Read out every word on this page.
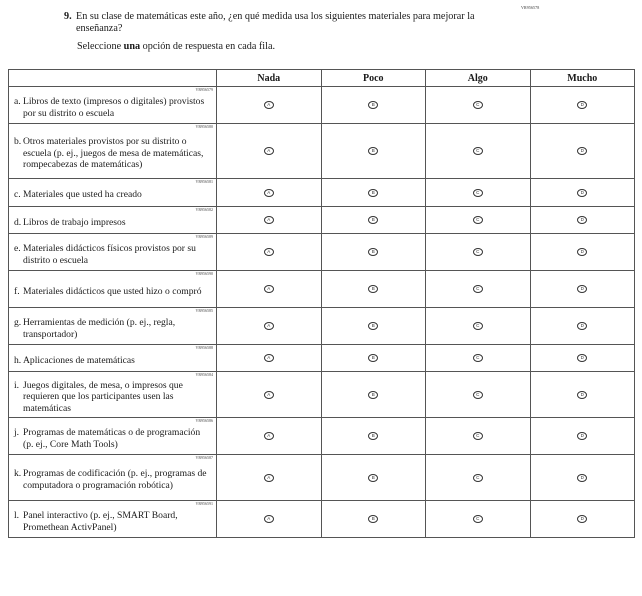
VR956578
9. En su clase de matemáticas este año, ¿en qué medida usa los siguientes materiales para mejorar la enseñanza?
Seleccione una opción de respuesta en cada fila.
	Nada	Poco	Algo	Mucho

VR956579
a. Libros de texto (impresos o digitales) provistos por su distrito o escuela	A	B	C	D

VR956580
b. Otros materiales provistos por su distrito o escuela (p. ej., juegos de mesa de matemáticas, rompecabezas de matemáticas)	A	B	C	D

VR956581
c. Materiales que usted ha creado	A	B	C	D

VR956582
d. Libros de trabajo impresos	A	B	C	D

VR956589
e. Materiales didácticos físicos provistos por su distrito o escuela	A	B	C	D

VR956590
f. Materiales didácticos que usted hizo o compró	A	B	C	D

VR956585
g. Herramientas de medición (p. ej., regla, transportador)	A	B	C	D

VR956588
h. Aplicaciones de matemáticas	A	B	C	D

VR956584
i. Juegos digitales, de mesa, o impresos que requieren que los participantes usen las matemáticas	A	B	C	D

VR956586
j. Programas de matemáticas o de programación (p. ej., Core Math Tools)	A	B	C	D

VR956587
k. Programas de codificación (p. ej., programas de computadora o programación robótica)	A	B	C	D

VR956591
l. Panel interactivo (p. ej., SMART Board, Promethean ActivPanel)	A	B	C	D
